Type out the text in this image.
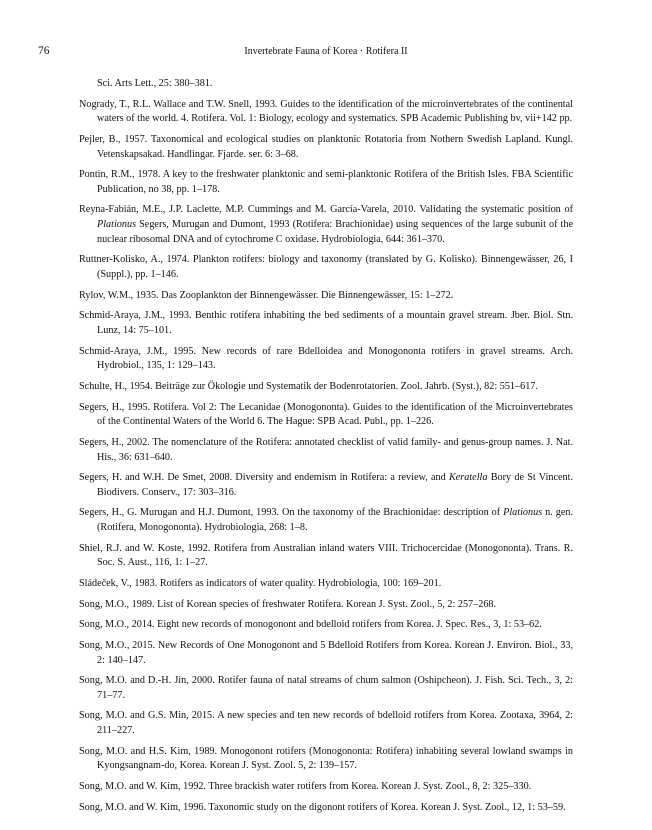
76	Invertebrate Fauna of Korea · Rotifera II

Sci. Arts Lett., 25: 380–381.

Nogrady, T., R.L. Wallace and T.W. Snell, 1993. Guides to the identification of the microinvertebrates of the continental waters of the world. 4. Rotifera. Vol. 1: Biology, ecology and systematics. SPB Academic Publishing bv, vii+142 pp.

Pejler, B., 1957. Taxonomical and ecological studies on planktonic Rotatoria from Nothern Swedish Lapland. Kungl. Vetenskapsakad. Handlingar. Fjarde. ser. 6: 3–68.

Pontin, R.M., 1978. A key to the freshwater planktonic and semi-planktonic Rotifera of the British Isles. FBA Scientific Publication, no 38, pp. 1–178.

Reyna-Fabián, M.E., J.P. Laclette, M.P. Cummings and M. García-Varela, 2010. Validating the systematic position of Plationus Segers, Murugan and Dumont, 1993 (Rotifera: Brachionidae) using sequences of the large subunit of the nuclear ribosomal DNA and of cytochrome C oxidase. Hydrobiologia, 644: 361–370.

Ruttner-Kolisko, A., 1974. Plankton rotifers: biology and taxonomy (translated by G. Kolisko). Binnengewässer, 26, I (Suppl.), pp. 1–146.

Rylov, W.M., 1935. Das Zooplankton der Binnengewässer. Die Binnengewässer, 15: 1–272.

Schmid-Araya, J.M., 1993. Benthic rotifera inhabiting the bed sediments of a mountain gravel stream. Jber. Biol. Stn. Lunz, 14: 75–101.

Schmid-Araya, J.M., 1995. New records of rare Bdelloidea and Monogononta rotifers in gravel streams. Arch. Hydrobiol., 135, 1: 129–143.

Schulte, H., 1954. Beiträge zur Ökologie und Systematik der Bodenrotatorien. Zool. Jahrb. (Syst.), 82: 551–617.

Segers, H., 1995. Rotifera. Vol 2: The Lecanidae (Monogononta). Guides to the identification of the Microinvertebrates of the Continental Waters of the World 6. The Hague: SPB Acad. Publ., pp. 1–226.

Segers, H., 2002. The nomenclature of the Rotifera: annotated checklist of valid family- and genus-group names. J. Nat. His., 36: 631–640.

Segers, H. and W.H. De Smet, 2008. Diversity and endemism in Rotifera: a review, and Keratella Bory de St Vincent. Biodivers. Conserv., 17: 303–316.

Segers, H., G. Murugan and H.J. Dumont, 1993. On the taxonomy of the Brachionidae: description of Plationus n. gen. (Rotifera, Monogononta). Hydrobiologia, 268: 1–8.

Shiel, R.J. and W. Koste, 1992. Rotifera from Australian inland waters VIII. Trichocercidae (Monogononta). Trans. R. Soc. S. Aust., 116, 1: 1–27.

Sládeček, V., 1983. Rotifers as indicators of water quality. Hydrobiologia, 100: 169–201.

Song, M.O., 1989. List of Korean species of freshwater Rotifera. Korean J. Syst. Zool., 5, 2: 257–268.

Song, M.O., 2014. Eight new records of monogonont and bdelloid rotifers from Korea. J. Spec. Res., 3, 1: 53–62.

Song, M.O., 2015. New Records of One Monogonont and 5 Bdelloid Rotifers from Korea. Korean J. Environ. Biol., 33, 2: 140–147.

Song, M.O. and D.-H. Jin, 2000. Rotifer fauna of natal streams of chum salmon (Oshipcheon). J. Fish. Sci. Tech., 3, 2: 71–77.

Song, M.O. and G.S. Min, 2015. A new species and ten new records of bdelloid rotifers from Korea. Zootaxa, 3964, 2: 211–227.

Song, M.O. and H.S. Kim, 1989. Monogonont rotifers (Monogononta: Rotifera) inhabiting several lowland swamps in Kyongsangnam-do, Korea. Korean J. Syst. Zool. 5, 2: 139–157.

Song, M.O. and W. Kim, 1992. Three brackish water rotifers from Korea. Korean J. Syst. Zool., 8, 2: 325–330.

Song, M.O. and W. Kim, 1996. Taxonomic study on the digonont rotifers of Korea. Korean J. Syst. Zool., 12, 1: 53–59.
